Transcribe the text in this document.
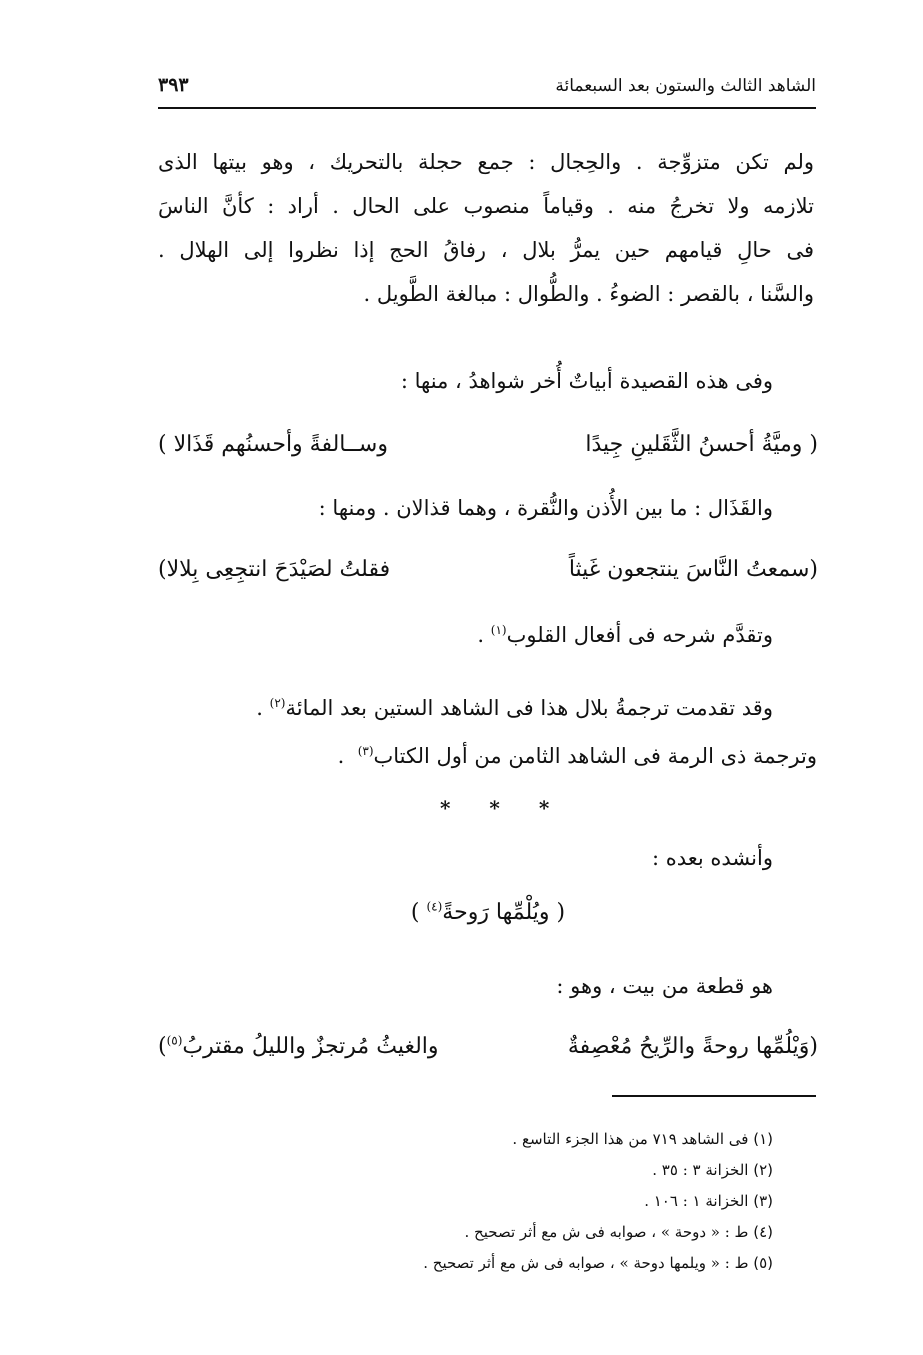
الشاهد الثالث والستون بعد السبعمائة
٣٩٣
ولم تكن متزوِّجة . والحِجال : جمع حجلة بالتحريك ، وهو بيتها الذى
تلازمه ولا تخرجُ منه . وقياماً منصوب على الحال . أراد : كأنَّ الناسَ
فى حالِ قيامهم حين يمرُّ بلال ، رفاقُ الحج إذا نظروا إلى الهلال .
والسَّنا ، بالقصر : الضوءُ . والطُّوال : مبالغة الطَّويل .
وفى هذه القصيدة أبياتٌ أُخر شواهدُ ، منها :
( وميَّةُ أحسنُ الثَّقَلينِ جِيدًا
وســالفةً وأحسنُهم قَذَالا )
والقَذَال : ما بين الأُذن والنُّقرة ، وهما قذالان . ومنها :
(سمعتُ النَّاسَ ينتجعون غَيثاً
فقلتُ لصَيْدَحَ انتجِعِى بِلالا)
وتقدَّم شرحه فى أفعال القلوب$^{(١)}$ .
وقد تقدمت ترجمةُ بلال هذا فى الشاهد الستين بعد المائة$^{(٢)}$ .
وترجمة ذى الرمة فى الشاهد الثامن من أول الكتاب$^{(٣)}$  .
* * *
وأنشده بعده :
( ويُلْمِّها رَوحةً$^{(٤)}$ )
هو قطعة من بيت ، وهو :
(وَيْلُمِّها روحةً والرِّيحُ مُعْصِفةٌ
والغيثُ مُرتجزٌ والليلُ مقتربُ$^{(٥)}$)
(١) فى الشاهد ٧١٩ من هذا الجزء التاسع .
(٢) الخزانة ٣ : ٣٥ .
(٣) الخزانة ١ : ١٠٦ .
(٤) ط : « دوحة » ، صوابه فى ش مع أثر تصحيح .
(٥) ط : « ويلمها دوحة » ، صوابه فى ش مع أثر تصحيح .
